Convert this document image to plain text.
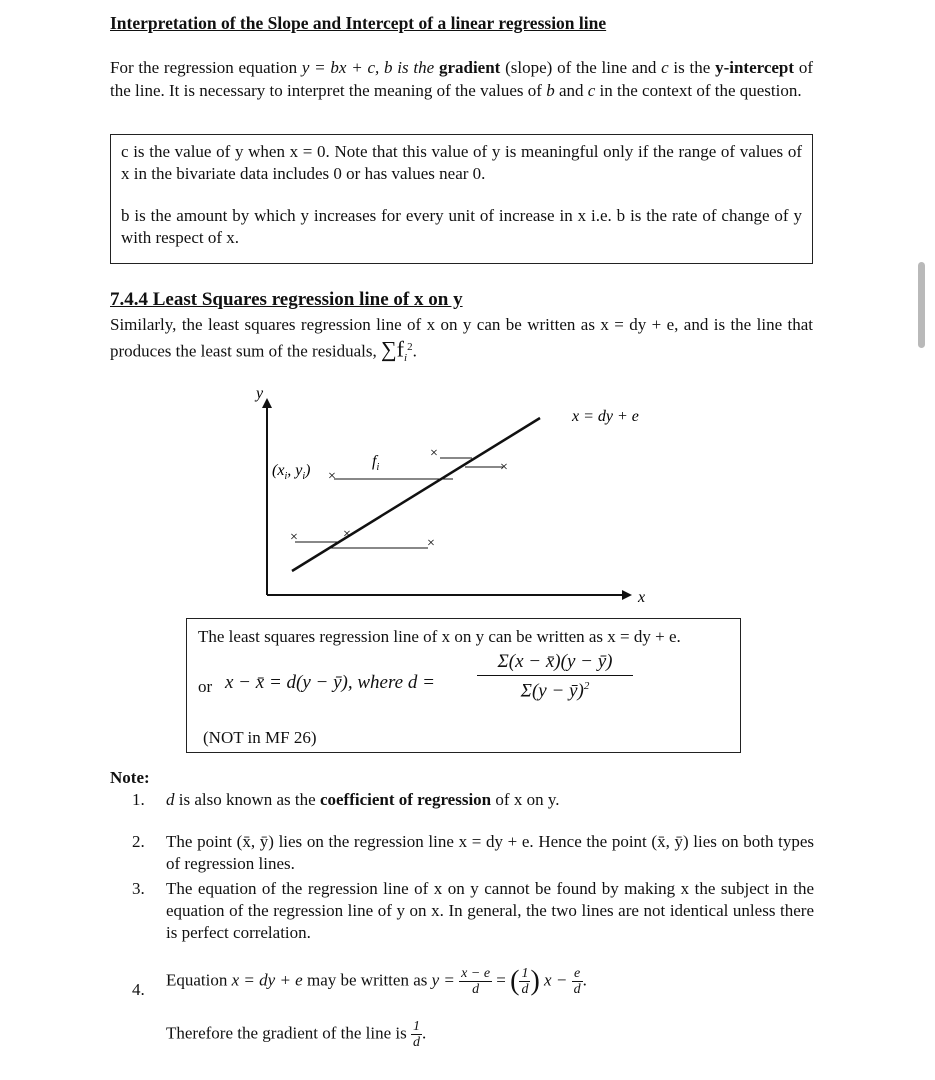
Interpretation of the Slope and Intercept of a linear regression line
For the regression equation y = bx + c, b is the gradient (slope) of the line and c is the y-intercept of the line. It is necessary to interpret the meaning of the values of b and c in the context of the question.

c is the value of y when x = 0. Note that this value of y is meaningful only if the range of values of x in the bivariate data includes 0 or has values near 0.

b is the amount by which y increases for every unit of increase in x i.e. b is the rate of change of y with respect of x.

7.4.4 Least Squares regression line of x on y
Similarly, the least squares regression line of x on y can be written as x = dy + e, and is the line that produces the least sum of the residuals, $\sum f_i^2$.
y
x
x = dy + e
($x_i$, $y_i$)
$f_i$
×
×
×
×	×
×
The least squares regression line of x on y can be written as x = dy + e.
or x − x̄ = d(y − ȳ), where $d = \frac{\Sigma(x - x̄)(y - ȳ)}{\Sigma(y - ȳ)^2}$
(NOT in MF 26)
Note:
1. d is also known as the coefficient of regression of x on y.
2. The point (x̄, ȳ) lies on the regression line x = dy + e. Hence the point (x̄, ȳ) lies on both types of regression lines.
3. The equation of the regression line of x on y cannot be found by making x the subject in the equation of the regression line of y on x. In general, the two lines are not identical unless there is perfect correlation.
4.
Equation x = dy + e may be written as $y = \frac{x - e}{d}$ = ( $\frac{1}{d}$ ) $x - \frac{e}{d}$ .
Therefore the gradient of the line is $\frac{1}{d}$ .
